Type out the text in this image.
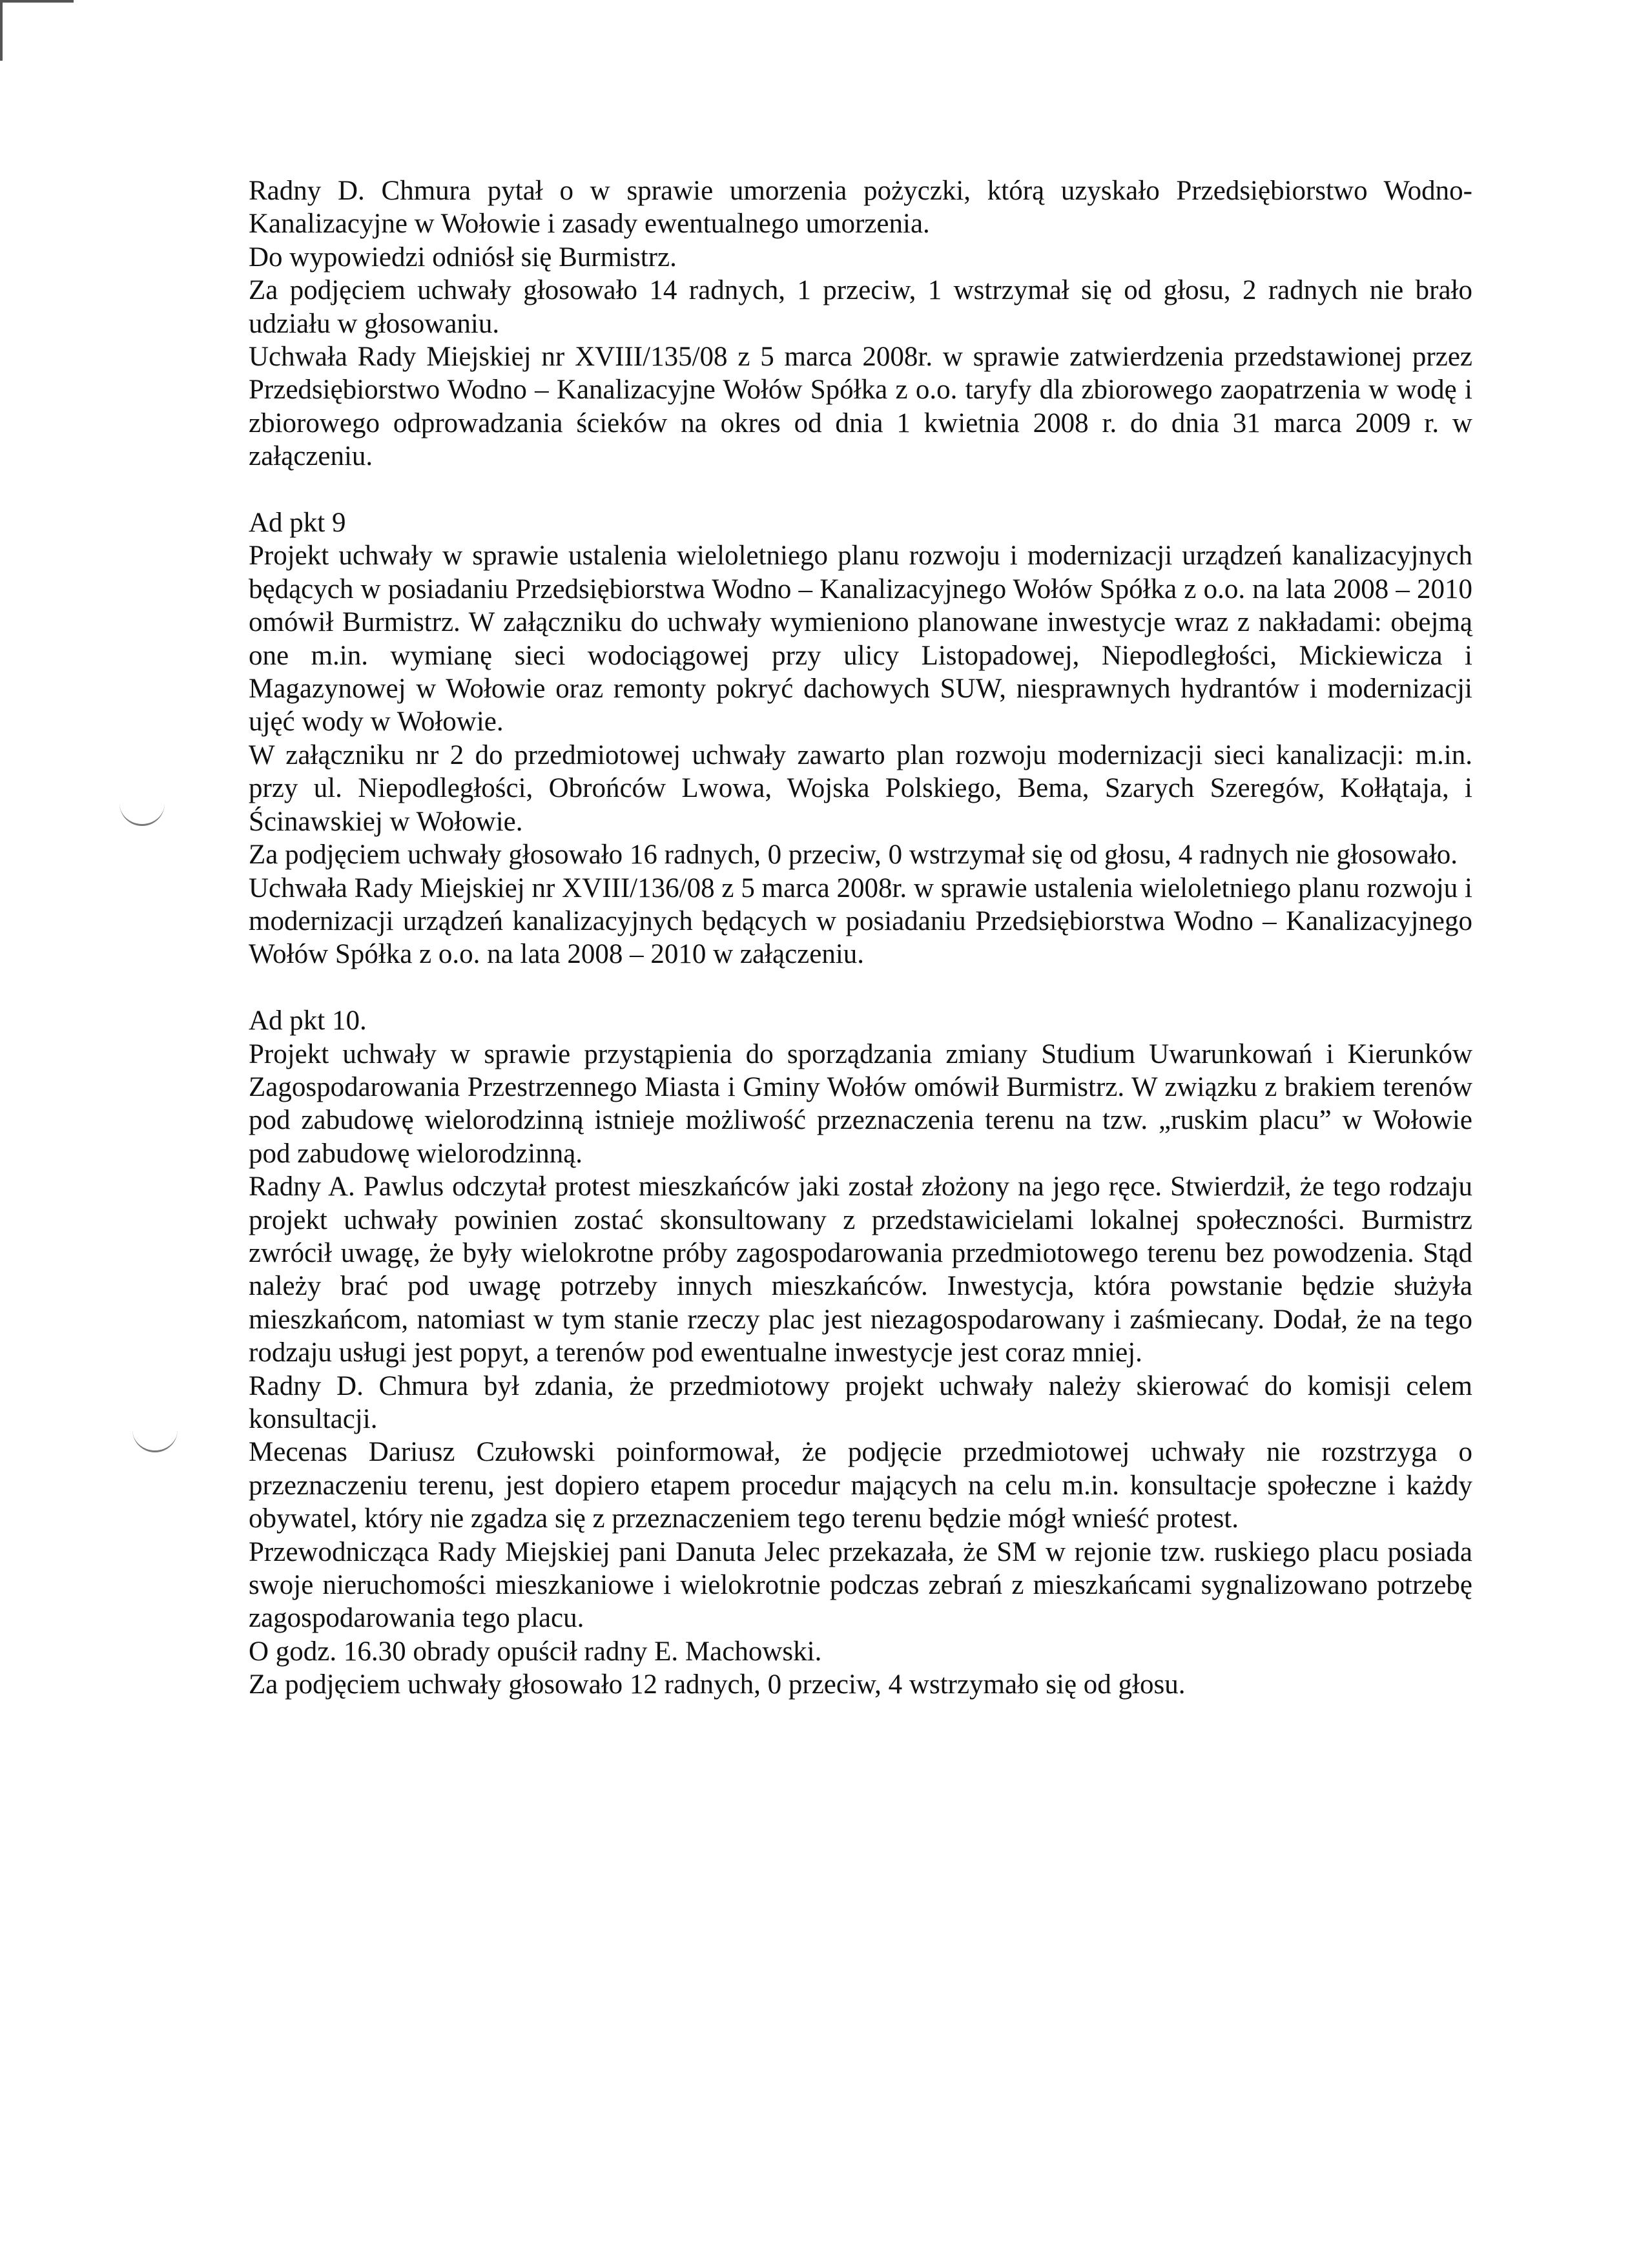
Radny D. Chmura pytał o w sprawie umorzenia pożyczki, którą uzyskało Przedsiębiorstwo Wodno- Kanalizacyjne w Wołowie i zasady ewentualnego umorzenia.

Do wypowiedzi odniósł się Burmistrz.

Za podjęciem uchwały głosowało 14 radnych, 1 przeciw, 1 wstrzymał się od głosu, 2 radnych nie brało udziału w głosowaniu.

Uchwała Rady Miejskiej nr XVIII/135/08 z 5 marca 2008r. w sprawie zatwierdzenia przedstawionej przez Przedsiębiorstwo Wodno – Kanalizacyjne Wołów Spółka z o.o. taryfy dla zbiorowego zaopatrzenia w wodę i zbiorowego odprowadzania ścieków na okres od dnia 1 kwietnia 2008 r. do dnia 31 marca 2009 r. w załączeniu.

Ad pkt 9

Projekt uchwały w sprawie ustalenia wieloletniego planu rozwoju i modernizacji urządzeń kanalizacyjnych będących w posiadaniu Przedsiębiorstwa Wodno – Kanalizacyjnego Wołów Spółka z o.o. na lata 2008 – 2010 omówił Burmistrz. W załączniku do uchwały wymieniono planowane inwestycje wraz z nakładami: obejmą one m.in. wymianę sieci wodociągowej przy ulicy Listopadowej, Niepodległości, Mickiewicza i Magazynowej w Wołowie oraz remonty pokryć dachowych SUW, niesprawnych hydrantów i modernizacji ujęć wody w Wołowie.

W załączniku nr 2 do przedmiotowej uchwały zawarto plan rozwoju modernizacji sieci kanalizacji: m.in. przy ul. Niepodległości, Obrońców Lwowa, Wojska Polskiego, Bema, Szarych Szeregów, Kołłątaja, i Ścinawskiej w Wołowie.

Za podjęciem uchwały głosowało 16 radnych, 0 przeciw, 0 wstrzymał się od głosu, 4 radnych nie głosowało.

Uchwała Rady Miejskiej nr XVIII/136/08 z 5 marca 2008r. w sprawie ustalenia wieloletniego planu rozwoju i modernizacji urządzeń kanalizacyjnych będących w posiadaniu Przedsiębiorstwa Wodno – Kanalizacyjnego Wołów Spółka z o.o. na lata 2008 – 2010 w załączeniu.

Ad pkt 10.

Projekt uchwały w sprawie przystąpienia do sporządzania zmiany Studium Uwarunkowań i Kierunków Zagospodarowania Przestrzennego Miasta i Gminy Wołów omówił Burmistrz. W związku z brakiem terenów pod zabudowę wielorodzinną istnieje możliwość przeznaczenia terenu na tzw. „ruskim placu” w Wołowie pod zabudowę wielorodzinną.

Radny A. Pawlus odczytał protest mieszkańców jaki został złożony na jego ręce. Stwierdził, że tego rodzaju projekt uchwały powinien zostać skonsultowany z przedstawicielami lokalnej społeczności. Burmistrz zwrócił uwagę, że były wielokrotne próby zagospodarowania przedmiotowego terenu bez powodzenia. Stąd należy brać pod uwagę potrzeby innych mieszkańców. Inwestycja, która powstanie będzie służyła mieszkańcom, natomiast w tym stanie rzeczy plac jest niezagospodarowany i zaśmiecany. Dodał, że na tego rodzaju usługi jest popyt, a terenów pod ewentualne inwestycje jest coraz mniej.

Radny D. Chmura był zdania, że przedmiotowy projekt uchwały należy skierować do komisji celem konsultacji.

Mecenas Dariusz Czułowski poinformował, że podjęcie przedmiotowej uchwały nie rozstrzyga o przeznaczeniu terenu, jest dopiero etapem procedur mających na celu m.in. konsultacje społeczne i każdy obywatel, który nie zgadza się z przeznaczeniem tego terenu będzie mógł wnieść protest.

Przewodnicząca Rady Miejskiej pani Danuta Jelec przekazała, że SM w rejonie tzw. ruskiego placu posiada swoje nieruchomości mieszkaniowe i wielokrotnie podczas zebrań z mieszkańcami sygnalizowano potrzebę zagospodarowania tego placu.

O godz. 16.30 obrady opuścił radny E. Machowski.

Za podjęciem uchwały głosowało 12 radnych, 0 przeciw, 4 wstrzymało się od głosu.
